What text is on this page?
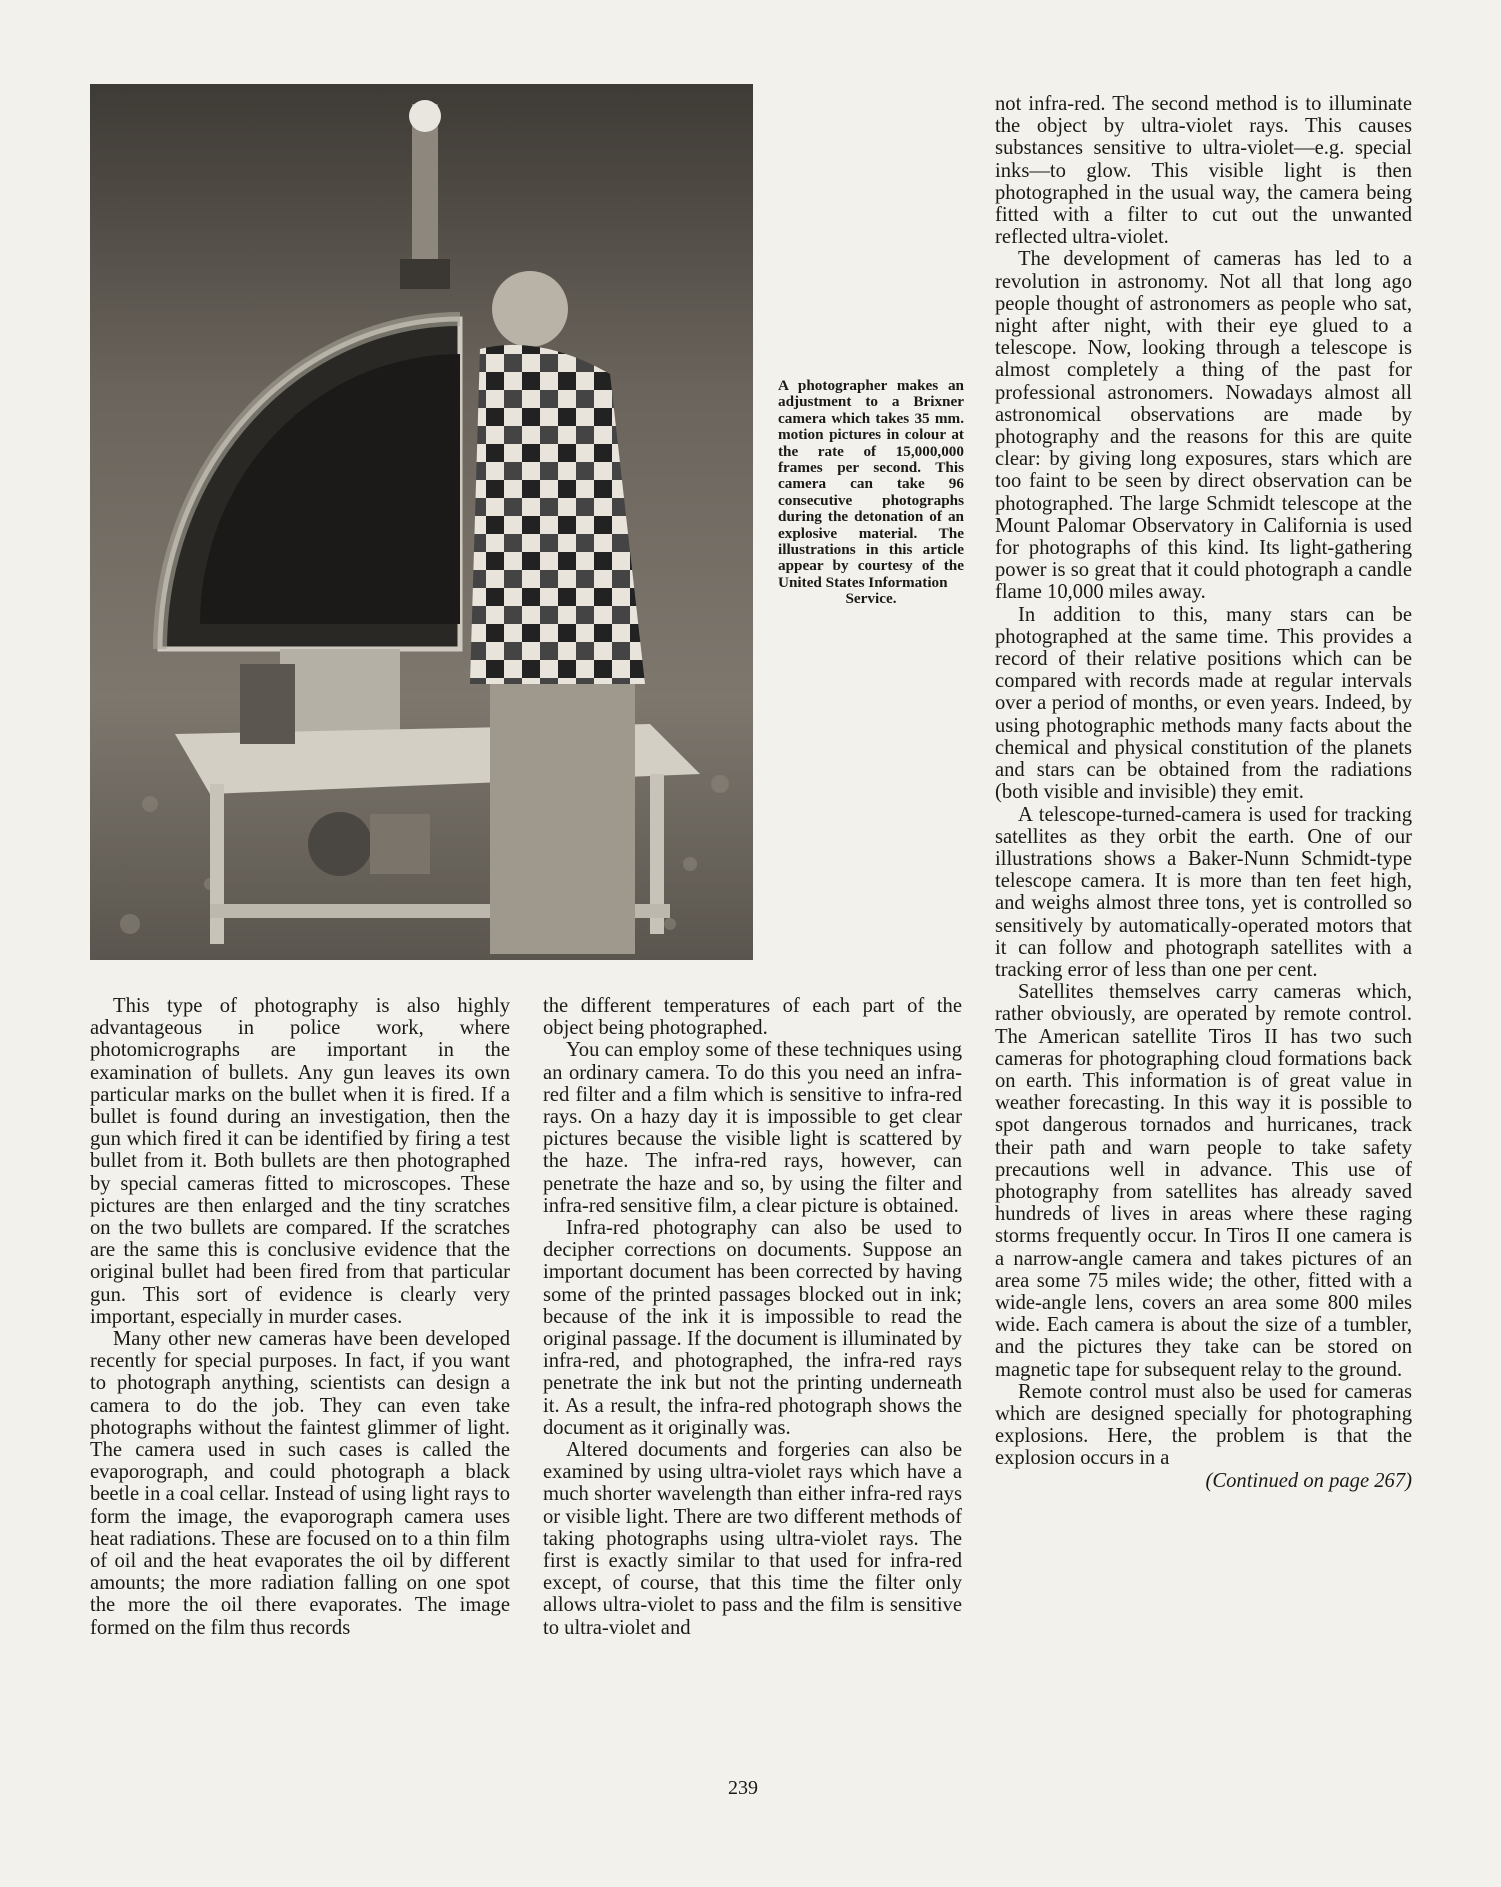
A photographer makes an adjustment to a Brixner camera which takes 35 mm. motion pictures in colour at the rate of 15,000,000 frames per second. This camera can take 96 consecutive photographs during the detonation of an explosive material. The illustrations in this article appear by courtesy of the United States Information
Service.

This type of photography is also highly advantageous in police work, where photomicrographs are important in the examination of bullets. Any gun leaves its own particular marks on the bullet when it is fired. If a bullet is found during an investigation, then the gun which fired it can be identified by firing a test bullet from it. Both bullets are then photographed by special cameras fitted to microscopes. These pictures are then enlarged and the tiny scratches on the two bullets are compared. If the scratches are the same this is conclusive evidence that the original bullet had been fired from that particular gun. This sort of evidence is clearly very important, especially in murder cases.

Many other new cameras have been developed recently for special purposes. In fact, if you want to photograph anything, scientists can design a camera to do the job. They can even take photographs without the faintest glimmer of light. The camera used in such cases is called the evaporograph, and could photograph a black beetle in a coal cellar. Instead of using light rays to form the image, the evaporograph camera uses heat radiations. These are focused on to a thin film of oil and the heat evaporates the oil by different amounts; the more radiation falling on one spot the more the oil there evaporates. The image formed on the film thus records

the different temperatures of each part of the object being photographed.

You can employ some of these techniques using an ordinary camera. To do this you need an infra-red filter and a film which is sensitive to infra-red rays. On a hazy day it is impossible to get clear pictures because the visible light is scattered by the haze. The infra-red rays, however, can penetrate the haze and so, by using the filter and infra-red sensitive film, a clear picture is obtained.

Infra-red photography can also be used to decipher corrections on documents. Suppose an important document has been corrected by having some of the printed passages blocked out in ink; because of the ink it is impossible to read the original passage. If the document is illuminated by infra-red, and photographed, the infra-red rays penetrate the ink but not the printing underneath it. As a result, the infra-red photograph shows the document as it originally was.

Altered documents and forgeries can also be examined by using ultra-violet rays which have a much shorter wavelength than either infra-red rays or visible light. There are two different methods of taking photographs using ultra-violet rays. The first is exactly similar to that used for infra-red except, of course, that this time the filter only allows ultra-violet to pass and the film is sensitive to ultra-violet and

not infra-red. The second method is to illuminate the object by ultra-violet rays. This causes substances sensitive to ultra-violet—e.g. special inks—to glow. This visible light is then photographed in the usual way, the camera being fitted with a filter to cut out the unwanted reflected ultra-violet.

The development of cameras has led to a revolution in astronomy. Not all that long ago people thought of astronomers as people who sat, night after night, with their eye glued to a telescope. Now, looking through a telescope is almost completely a thing of the past for professional astronomers. Nowadays almost all astronomical observations are made by photography and the reasons for this are quite clear: by giving long exposures, stars which are too faint to be seen by direct observation can be photographed. The large Schmidt telescope at the Mount Palomar Observatory in California is used for photographs of this kind. Its light-gathering power is so great that it could photograph a candle flame 10,000 miles away.

In addition to this, many stars can be photographed at the same time. This provides a record of their relative positions which can be compared with records made at regular intervals over a period of months, or even years. Indeed, by using photographic methods many facts about the chemical and physical constitution of the planets and stars can be obtained from the radiations (both visible and invisible) they emit.

A telescope-turned-camera is used for tracking satellites as they orbit the earth. One of our illustrations shows a Baker-Nunn Schmidt-type telescope camera. It is more than ten feet high, and weighs almost three tons, yet is controlled so sensitively by automatically-operated motors that it can follow and photograph satellites with a tracking error of less than one per cent.

Satellites themselves carry cameras which, rather obviously, are operated by remote control. The American satellite Tiros II has two such cameras for photographing cloud formations back on earth. This information is of great value in weather forecasting. In this way it is possible to spot dangerous tornados and hurricanes, track their path and warn people to take safety precautions well in advance. This use of photography from satellites has already saved hundreds of lives in areas where these raging storms frequently occur. In Tiros II one camera is a narrow-angle camera and takes pictures of an area some 75 miles wide; the other, fitted with a wide-angle lens, covers an area some 800 miles wide. Each camera is about the size of a tumbler, and the pictures they take can be stored on magnetic tape for subsequent relay to the ground.

Remote control must also be used for cameras which are designed specially for photographing explosions. Here, the problem is that the explosion occurs in a

(Continued on page 267)
239
